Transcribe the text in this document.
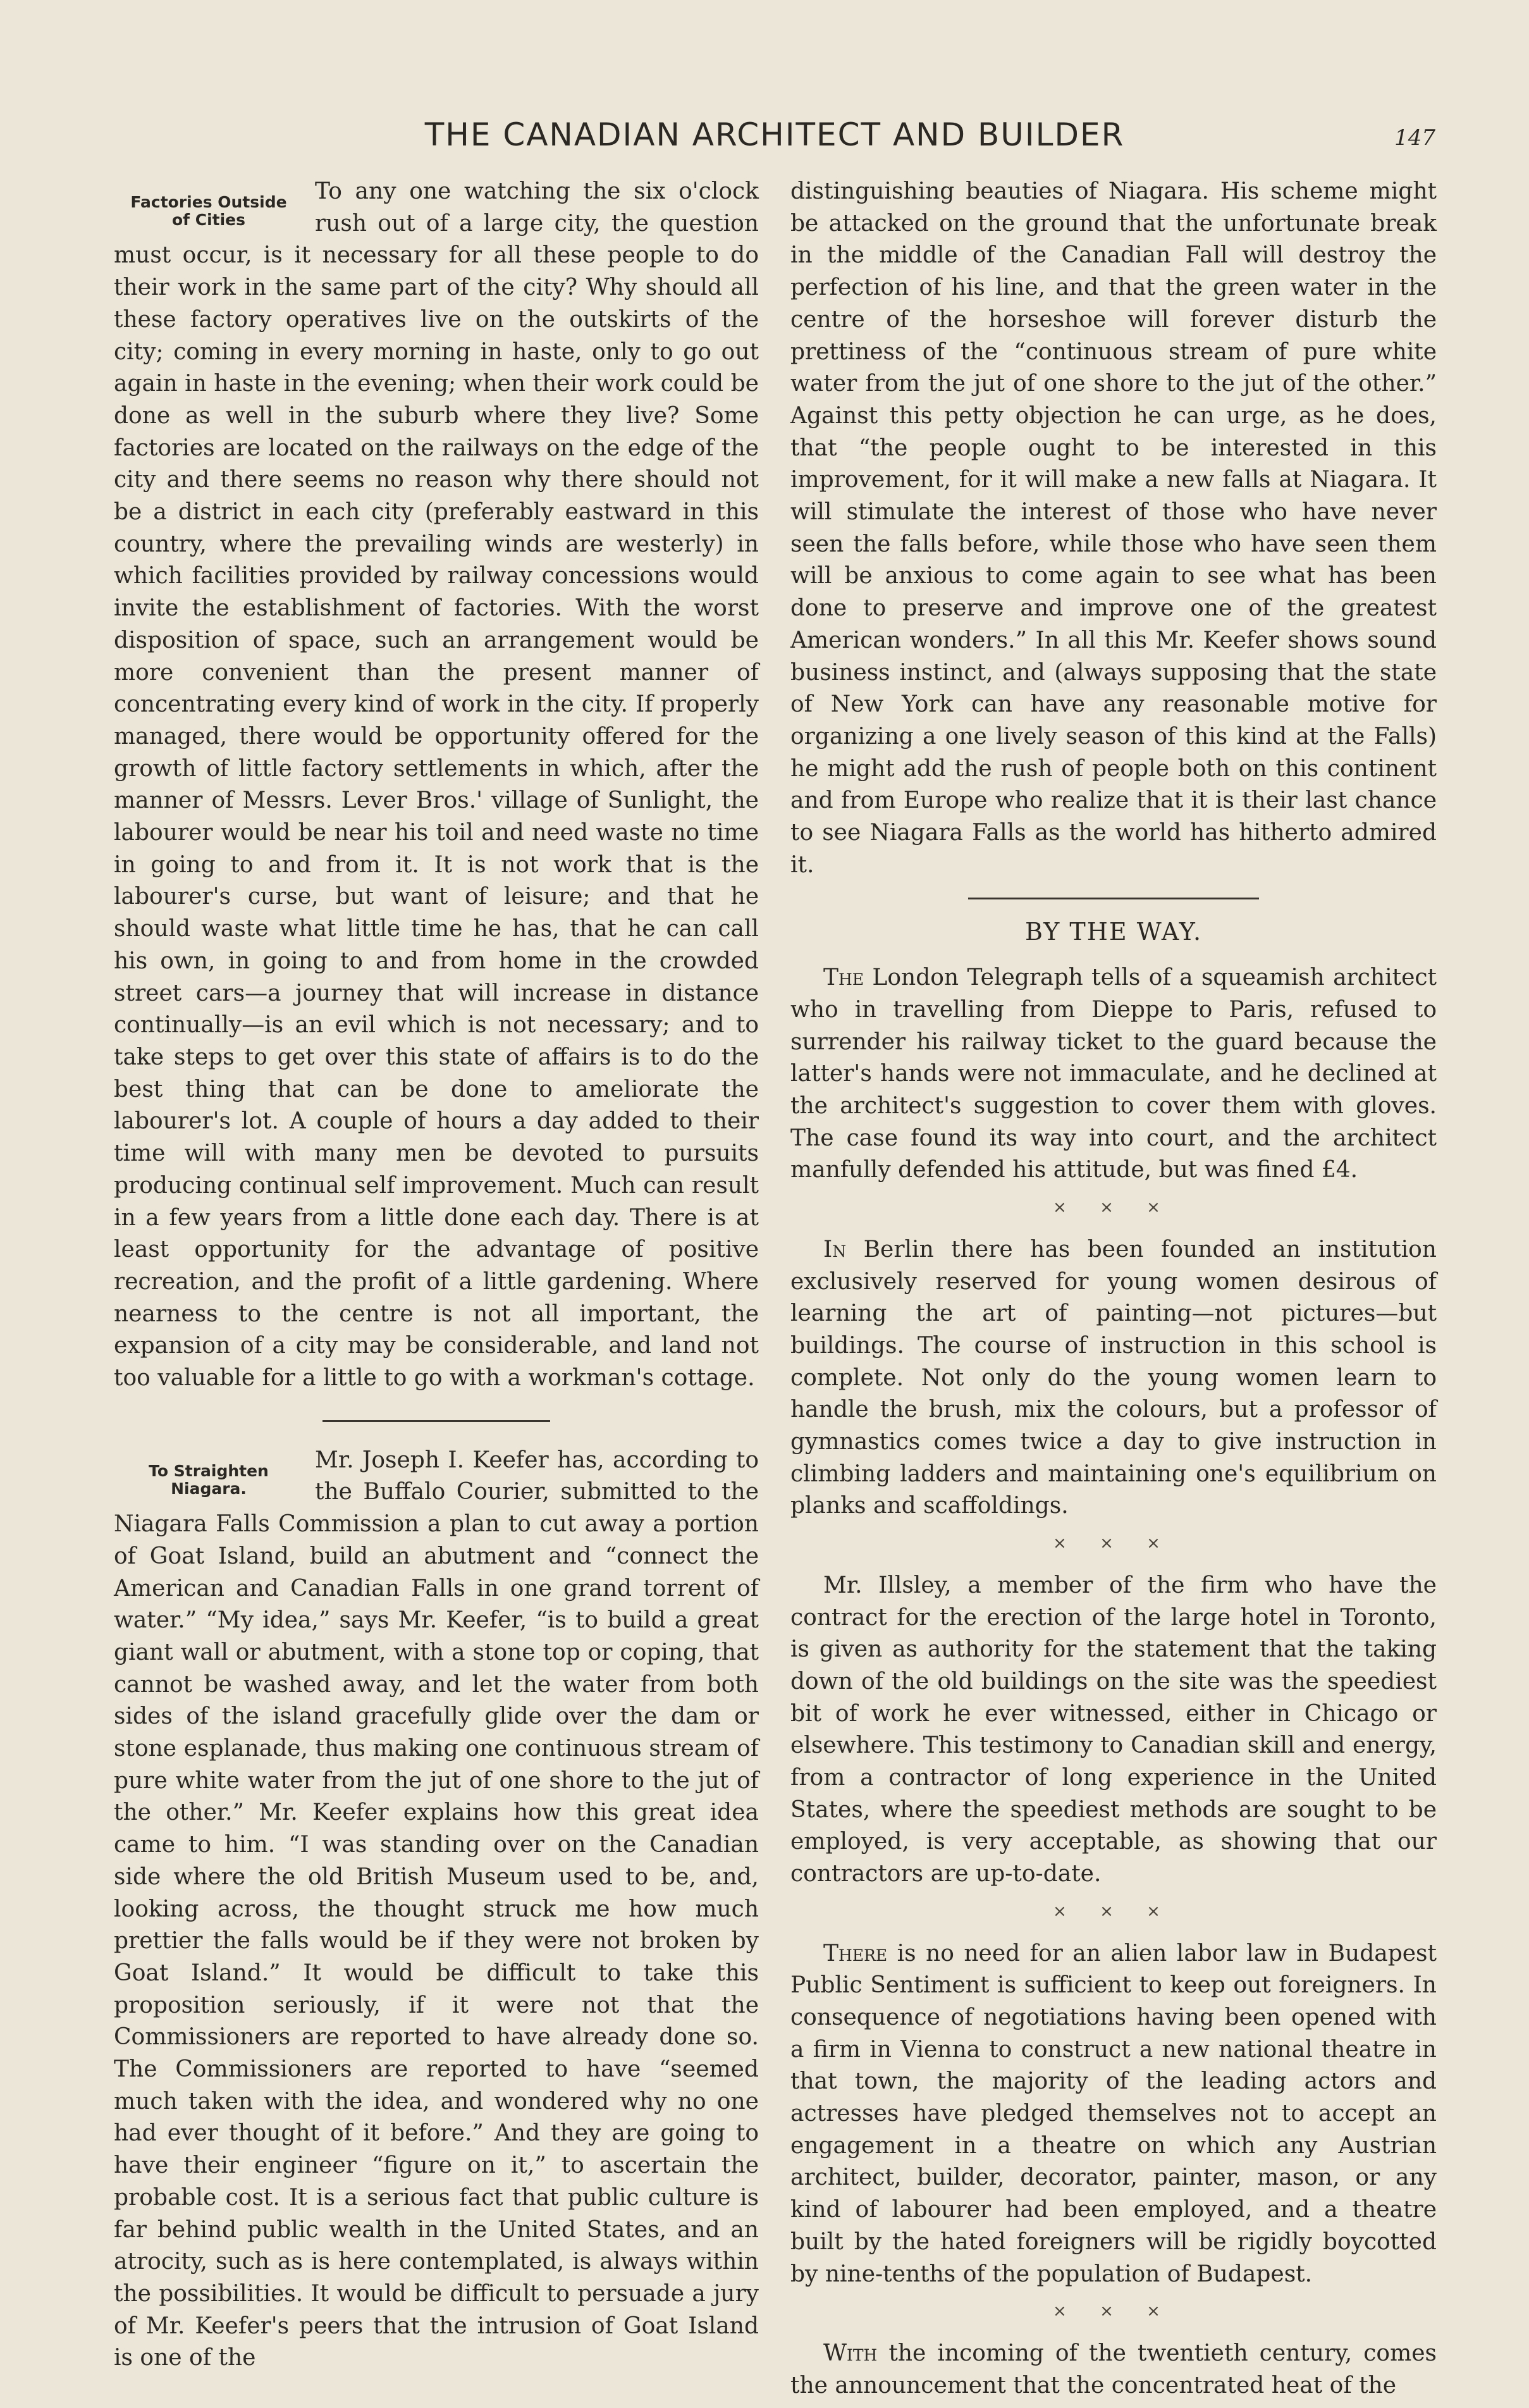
THE CANADIAN ARCHITECT AND BUILDER	147
Factories Outside
of Cities

To any one watching the six o'clock rush out of a large city, the question must occur, is it necessary for all these people to do their work in the same part of the city? Why should all these factory operatives live on the outskirts of the city; coming in every morning in haste, only to go out again in haste in the evening; when their work could be done as well in the suburb where they live? Some factories are located on the railways on the edge of the city and there seems no reason why there should not be a district in each city (preferably eastward in this country, where the prevailing winds are westerly) in which facilities provided by railway concessions would invite the establishment of factories. With the worst disposition of space, such an arrangement would be more convenient than the present manner of concentrating every kind of work in the city. If properly managed, there would be opportunity offered for the growth of little factory settlements in which, after the manner of Messrs. Lever Bros.' village of Sunlight, the labourer would be near his toil and need waste no time in going to and from it. It is not work that is the labourer's curse, but want of leisure; and that he should waste what little time he has, that he can call his own, in going to and from home in the crowded street cars—a journey that will increase in distance continually—is an evil which is not necessary; and to take steps to get over this state of affairs is to do the best thing that can be done to ameliorate the labourer's lot. A couple of hours a day added to their time will with many men be devoted to pursuits producing continual self improvement. Much can result in a few years from a little done each day. There is at least opportunity for the advantage of positive recreation, and the profit of a little gardening. Where nearness to the centre is not all important, the expansion of a city may be considerable, and land not too valuable for a little to go with a workman's cottage.

To Straighten
Niagara.

Mr. Joseph I. Keefer has, according to the Buffalo Courier, submitted to the Niagara Falls Commission a plan to cut away a portion of Goat Island, build an abutment and “connect the American and Canadian Falls in one grand torrent of water.” “My idea,” says Mr. Keefer, “is to build a great giant wall or abutment, with a stone top or coping, that cannot be washed away, and let the water from both sides of the island gracefully glide over the dam or stone esplanade, thus making one continuous stream of pure white water from the jut of one shore to the jut of the other.” Mr. Keefer explains how this great idea came to him. “I was standing over on the Canadian side where the old British Museum used to be, and, looking across, the thought struck me how much prettier the falls would be if they were not broken by Goat Island.” It would be difficult to take this proposition seriously, if it were not that the Commissioners are reported to have already done so. The Commissioners are reported to have “seemed much taken with the idea, and wondered why no one had ever thought of it before.” And they are going to have their engineer “figure on it,” to ascertain the probable cost. It is a serious fact that public culture is far behind public wealth in the United States, and an atrocity, such as is here contemplated, is always within the possibilities. It would be difficult to persuade a jury of Mr. Keefer's peers that the intrusion of Goat Island is one of the

distinguishing beauties of Niagara. His scheme might be attacked on the ground that the unfortunate break in the middle of the Canadian Fall will destroy the perfection of his line, and that the green water in the centre of the horseshoe will forever disturb the prettiness of the “continuous stream of pure white water from the jut of one shore to the jut of the other.” Against this petty objection he can urge, as he does, that “the people ought to be interested in this improvement, for it will make a new falls at Niagara. It will stimulate the interest of those who have never seen the falls before, while those who have seen them will be anxious to come again to see what has been done to preserve and improve one of the greatest American wonders.” In all this Mr. Keefer shows sound business instinct, and (always supposing that the state of New York can have any reasonable motive for organizing a one lively season of this kind at the Falls) he might add the rush of people both on this continent and from Europe who realize that it is their last chance to see Niagara Falls as the world has hitherto admired it.

BY THE WAY.

The London Telegraph tells of a squeamish architect who in travelling from Dieppe to Paris, refused to surrender his railway ticket to the guard because the latter's hands were not immaculate, and he declined at the architect's suggestion to cover them with gloves. The case found its way into court, and the architect manfully defended his attitude, but was fined £4.

× × ×

In Berlin there has been founded an institution exclusively reserved for young women desirous of learning the art of painting—not pictures—but buildings. The course of instruction in this school is complete. Not only do the young women learn to handle the brush, mix the colours, but a professor of gymnastics comes twice a day to give instruction in climbing ladders and maintaining one's equilibrium on planks and scaffoldings.

× × ×

Mr. Illsley, a member of the firm who have the contract for the erection of the large hotel in Toronto, is given as authority for the statement that the taking down of the old buildings on the site was the speediest bit of work he ever witnessed, either in Chicago or elsewhere. This testimony to Canadian skill and energy, from a contractor of long experience in the United States, where the speediest methods are sought to be employed, is very acceptable, as showing that our contractors are up-to-date.

× × ×

There is no need for an alien labor law in Budapest Public Sentiment is sufficient to keep out foreigners. In consequence of negotiations having been opened with a firm in Vienna to construct a new national theatre in that town, the majority of the leading actors and actresses have pledged themselves not to accept an engagement in a theatre on which any Austrian architect, builder, decorator, painter, mason, or any kind of labourer had been employed, and a theatre built by the hated foreigners will be rigidly boycotted by nine-tenths of the population of Budapest.

× × ×

With the incoming of the twentieth century, comes the announcement that the concentrated heat of the
